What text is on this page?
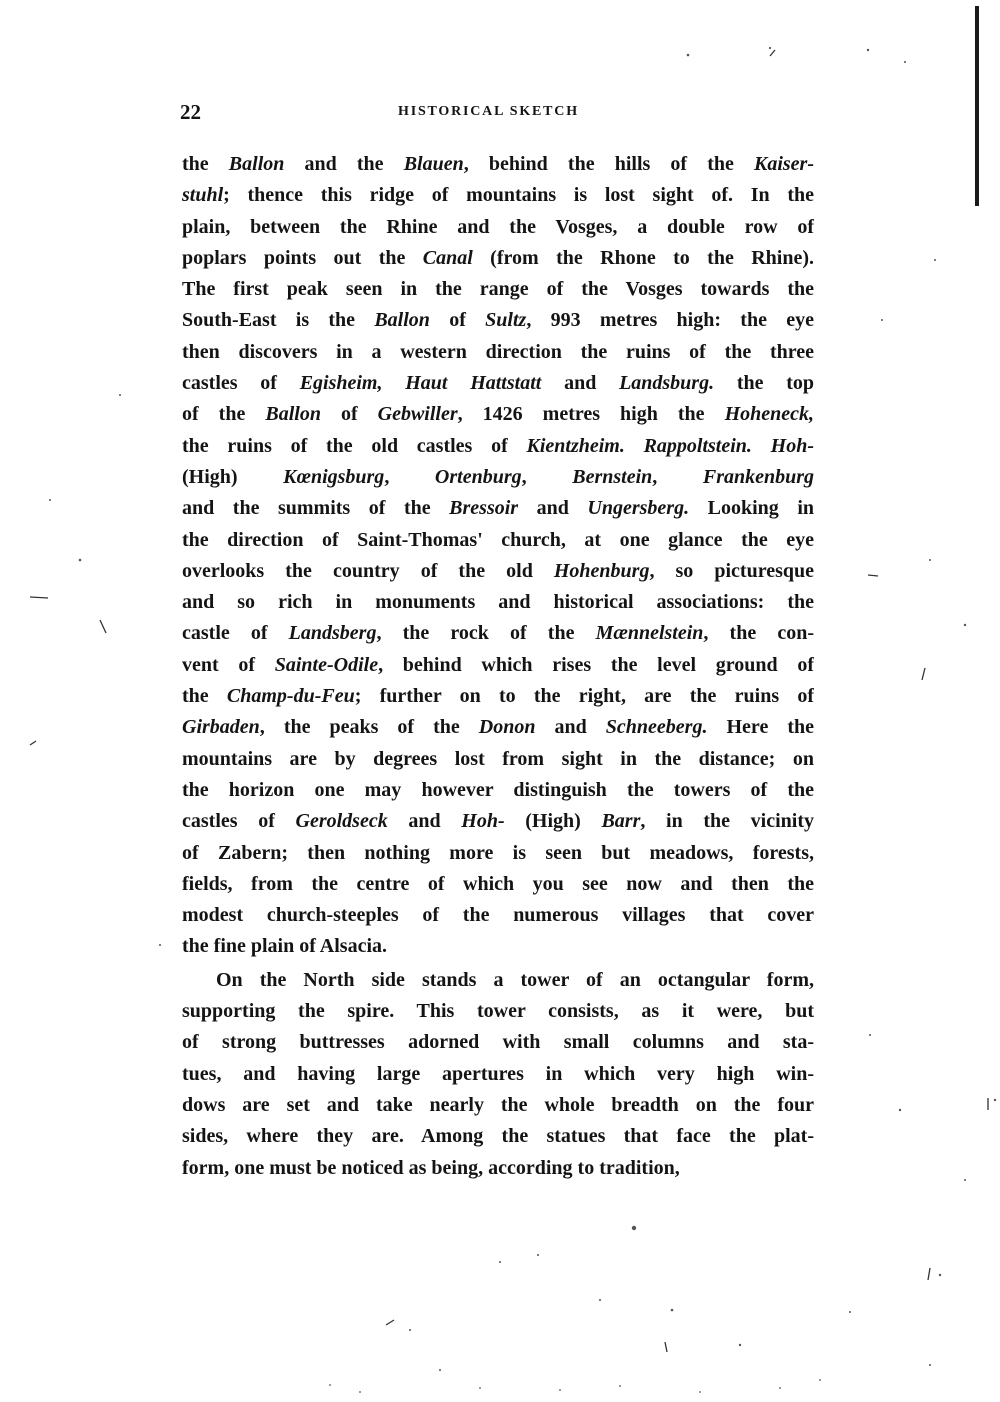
22	HISTORICAL SKETCH
the Ballon and the Blauen, behind the hills of the Kaiser-
stuhl; thence this ridge of mountains is lost sight of. In the
plain, between the Rhine and the Vosges, a double row of
poplars points out the Canal (from the Rhone to the Rhine).
The first peak seen in the range of the Vosges towards the
South-East is the Ballon of Sultz, 993 metres high: the eye
then discovers in a western direction the ruins of the three
castles of Egisheim, Haut Hattstatt and Landsburg. the top
of the Ballon of Gebwiller, 1426 metres high the Hoheneck,
the ruins of the old castles of Kientzheim. Rappoltstein. Hoh-
(High) Kœnigsburg, Ortenburg, Bernstein, Frankenburg
and the summits of the Bressoir and Ungersberg. Looking in
the direction of Saint-Thomas' church, at one glance the eye
overlooks the country of the old Hohenburg, so picturesque
and so rich in monuments and historical associations: the
castle of Landsberg, the rock of the Mænnelstein, the con-
vent of Sainte-Odile, behind which rises the level ground of
the Champ-du-Feu; further on to the right, are the ruins of
Girbaden, the peaks of the Donon and Schneeberg. Here the
mountains are by degrees lost from sight in the distance; on
the horizon one may however distinguish the towers of the
castles of Geroldseck and Hoh- (High) Barr, in the vicinity
of Zabern; then nothing more is seen but meadows, forests,
fields, from the centre of which you see now and then the
modest church-steeples of the numerous villages that cover
the fine plain of Alsacia.
On the North side stands a tower of an octangular form,
supporting the spire. This tower consists, as it were, but
of strong buttresses adorned with small columns and sta-
tues, and having large apertures in which very high win-
dows are set and take nearly the whole breadth on the four
sides, where they are. Among the statues that face the plat-
form, one must be noticed as being, according to tradition,
